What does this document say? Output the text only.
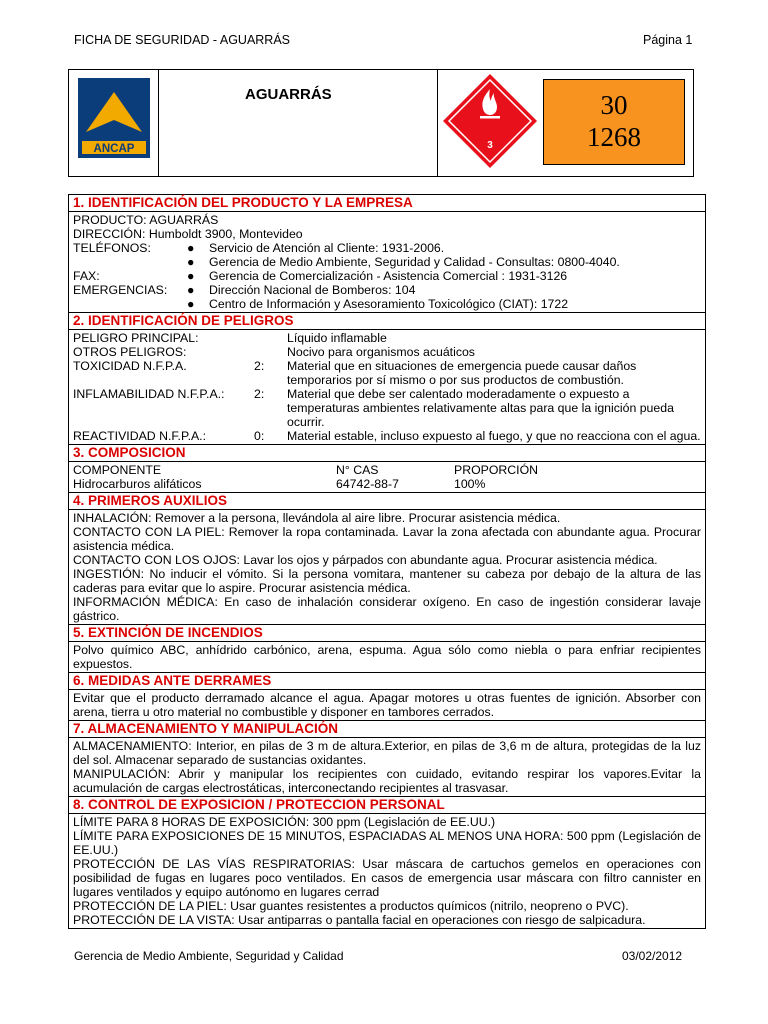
FICHA DE SEGURIDAD - AGUARRÁS	Página 1
ANCAP
AGUARRÁS
3
30
1268
1. IDENTIFICACIÓN DEL PRODUCTO Y LA EMPRESA
PRODUCTO: AGUARRÁS
DIRECCIÓN: Humboldt 3900, Montevideo
TELÉFONOS:	●	Servicio de Atención al Cliente: 1931-2006.
●	Gerencia de Medio Ambiente, Seguridad y Calidad - Consultas: 0800-4040.
FAX:	●	Gerencia de Comercialización - Asistencia Comercial : 1931-3126
EMERGENCIAS:	●	Dirección Nacional de Bomberos: 104
●	Centro de Información y Asesoramiento Toxicológico (CIAT): 1722
2. IDENTIFICACIÓN DE PELIGROS
PELIGRO PRINCIPAL:	Líquido inflamable
OTROS PELIGROS:	Nocivo para organismos acuáticos
TOXICIDAD N.F.P.A.	2:	Material que en situaciones de emergencia puede causar daños temporarios por sí mismo o por sus productos de combustión.
INFLAMABILIDAD N.F.P.A.:	2:	Material que debe ser calentado moderadamente o expuesto a temperaturas ambientes relativamente altas para que la ignición pueda ocurrir.
REACTIVIDAD N.F.P.A.:	0:	Material estable, incluso expuesto al fuego, y que no reacciona con el agua.
3. COMPOSICION
COMPONENTE	N° CAS	PROPORCIÓN
Hidrocarburos alifáticos	64742-88-7	100%
4. PRIMEROS AUXILIOS
INHALACIÓN: Remover a la persona, llevándola al aire libre. Procurar asistencia médica.
CONTACTO CON LA PIEL: Remover la ropa contaminada. Lavar la zona afectada con abundante agua. Procurar asistencia médica.
CONTACTO CON LOS OJOS: Lavar los ojos y párpados con abundante agua. Procurar asistencia médica.
INGESTIÓN: No inducir el vómito. Si la persona vomitara, mantener su cabeza por debajo de la altura de las caderas para evitar que lo aspire. Procurar asistencia médica.
INFORMACIÓN MÉDICA: En caso de inhalación considerar oxígeno. En caso de ingestión considerar lavaje gástrico.
5. EXTINCIÓN DE INCENDIOS
Polvo químico ABC, anhídrido carbónico, arena, espuma. Agua sólo como niebla o para enfriar recipientes expuestos.
6. MEDIDAS ANTE DERRAMES
Evitar que el producto derramado alcance el agua. Apagar motores u otras fuentes de ignición. Absorber con arena, tierra u otro material no combustible y disponer en tambores cerrados.
7. ALMACENAMIENTO Y MANIPULACIÓN
ALMACENAMIENTO: Interior, en pilas de 3 m de altura.Exterior, en pilas de 3,6 m de altura, protegidas de la luz del sol. Almacenar separado de sustancias oxidantes.
MANIPULACIÓN: Abrir y manipular los recipientes con cuidado, evitando respirar los vapores.Evitar la acumulación de cargas electrostáticas, interconectando recipientes al trasvasar.
8. CONTROL DE EXPOSICION / PROTECCION PERSONAL
LÍMITE PARA 8 HORAS DE EXPOSICIÓN: 300 ppm (Legislación de EE.UU.)
LÍMITE PARA EXPOSICIONES DE 15 MINUTOS, ESPACIADAS AL MENOS UNA HORA: 500 ppm (Legislación de EE.UU.)
PROTECCIÓN DE LAS VÍAS RESPIRATORIAS: Usar máscara de cartuchos gemelos en operaciones con posibilidad de fugas en lugares poco ventilados. En casos de emergencia usar máscara con filtro cannister en lugares ventilados y equipo autónomo en lugares cerrad
PROTECCIÓN DE LA PIEL: Usar guantes resistentes a productos químicos (nitrilo, neopreno o PVC).
PROTECCIÓN DE LA VISTA: Usar antiparras o pantalla facial en operaciones con riesgo de salpicadura.
Gerencia de Medio Ambiente, Seguridad y Calidad	03/02/2012
